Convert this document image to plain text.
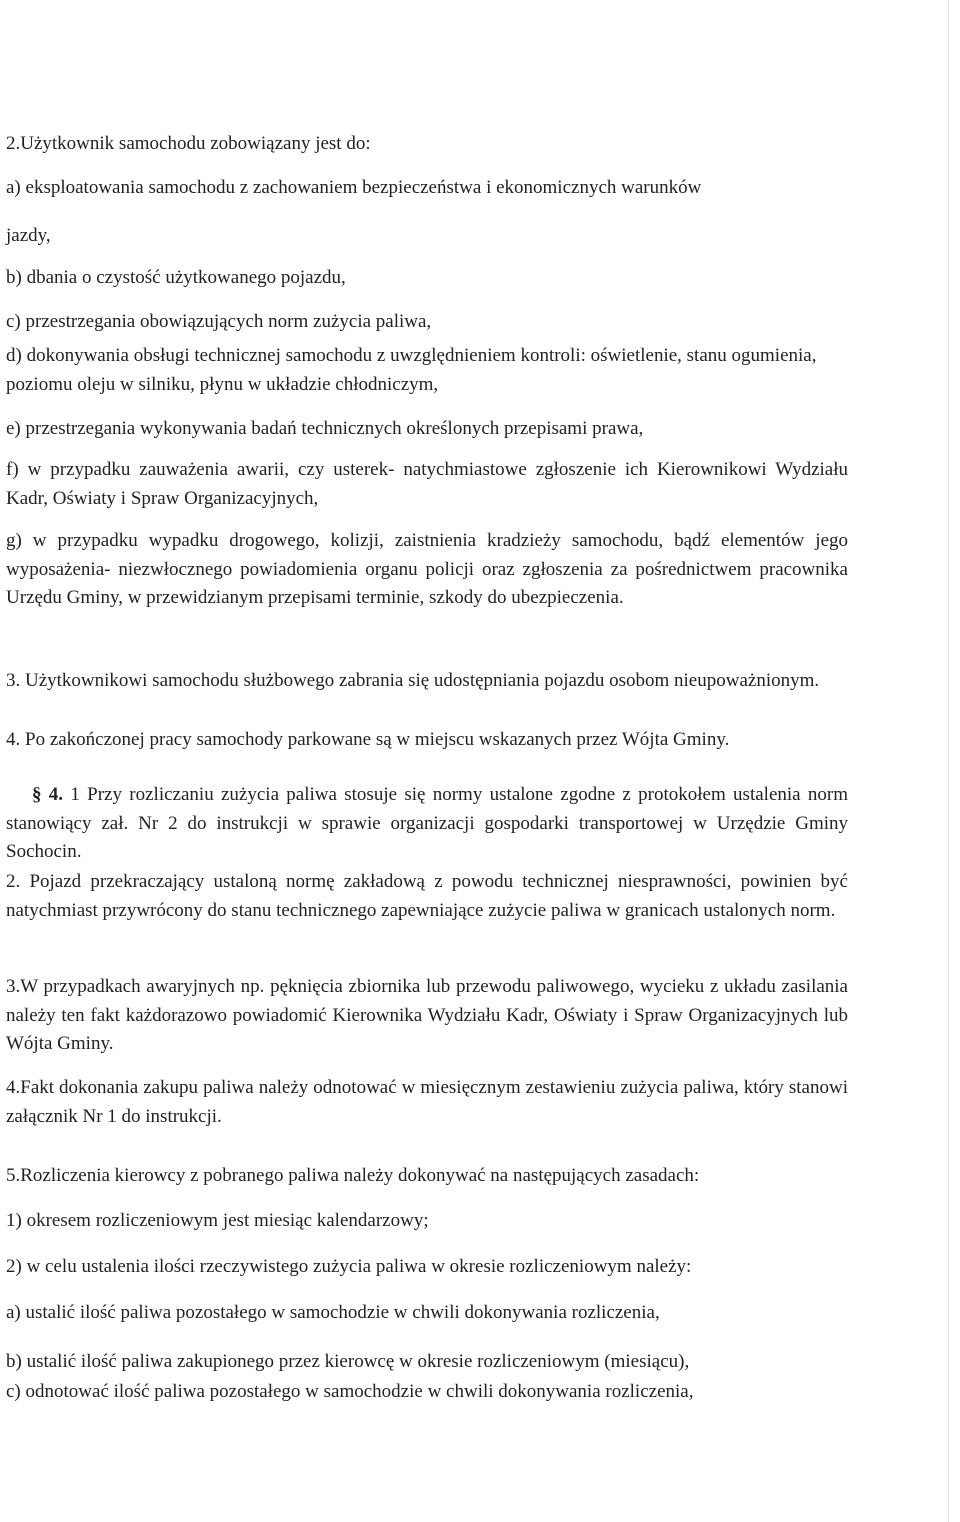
2.Użytkownik samochodu zobowiązany jest do:

a) eksploatowania samochodu z zachowaniem bezpieczeństwa i ekonomicznych warunków

jazdy,

b) dbania o czystość użytkowanego pojazdu,

c) przestrzegania obowiązujących norm zużycia paliwa,

d) dokonywania obsługi technicznej samochodu z uwzględnieniem kontroli: oświetlenie, stanu ogumienia, poziomu oleju w silniku, płynu w układzie chłodniczym,

e) przestrzegania wykonywania badań technicznych określonych przepisami prawa,

f) w przypadku zauważenia awarii, czy usterek- natychmiastowe zgłoszenie ich Kierownikowi Wydziału Kadr, Oświaty i Spraw Organizacyjnych,

g) w przypadku wypadku drogowego, kolizji, zaistnienia kradzieży samochodu, bądź elementów jego wyposażenia- niezwłocznego powiadomienia organu policji oraz zgłoszenia za pośrednictwem pracownika Urzędu Gminy, w przewidzianym przepisami terminie, szkody do ubezpieczenia.

3. Użytkownikowi samochodu służbowego zabrania się udostępniania pojazdu osobom nieupoważnionym.

4. Po zakończonej pracy samochody parkowane są w miejscu wskazanych przez Wójta Gminy.

§ 4. 1 Przy rozliczaniu zużycia paliwa stosuje się normy ustalone zgodne z protokołem ustalenia norm stanowiący zał. Nr 2 do instrukcji w sprawie organizacji gospodarki transportowej w Urzędzie Gminy Sochocin.

2. Pojazd przekraczający ustaloną normę zakładową z powodu technicznej niesprawności, powinien być natychmiast przywrócony do stanu technicznego zapewniające zużycie paliwa w granicach ustalonych norm.

3.W przypadkach awaryjnych np. pęknięcia zbiornika lub przewodu paliwowego, wycieku z układu zasilania należy ten fakt każdorazowo powiadomić Kierownika Wydziału Kadr, Oświaty i Spraw Organizacyjnych lub Wójta Gminy.

4.Fakt dokonania zakupu paliwa należy odnotować w miesięcznym zestawieniu zużycia paliwa, który stanowi załącznik Nr 1 do instrukcji.

5.Rozliczenia kierowcy z pobranego paliwa należy dokonywać na następujących zasadach:

1) okresem rozliczeniowym jest miesiąc kalendarzowy;

2) w celu ustalenia ilości rzeczywistego zużycia paliwa w okresie rozliczeniowym należy:

a) ustalić ilość paliwa pozostałego w samochodzie w chwili dokonywania rozliczenia,

b) ustalić ilość paliwa zakupionego przez kierowcę w okresie rozliczeniowym (miesiącu),

c) odnotować ilość paliwa pozostałego w samochodzie w chwili dokonywania rozliczenia,
